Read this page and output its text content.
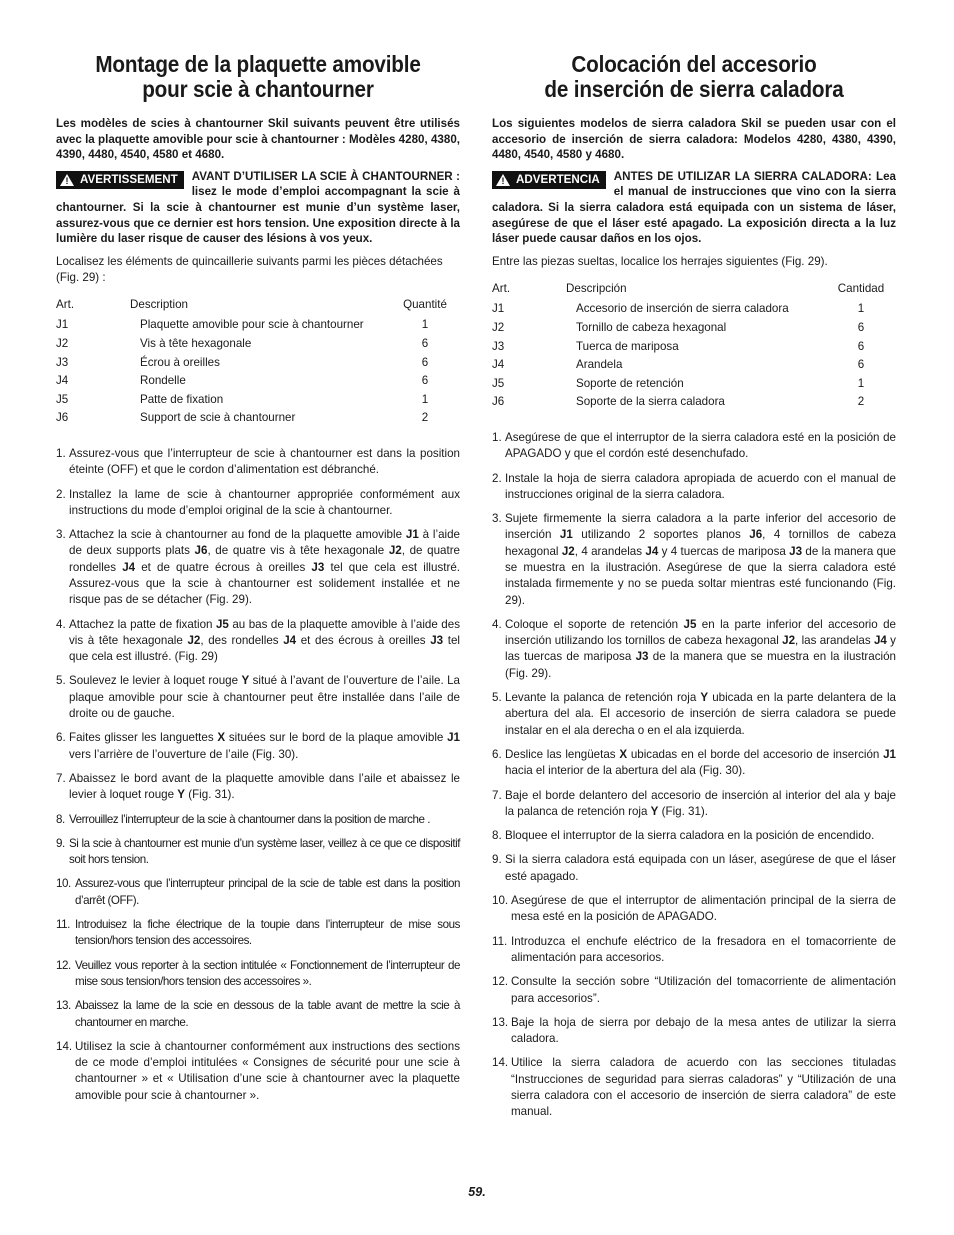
Montage de la plaquette amovible
pour scie à chantourner

Les modèles de scies à chantourner Skil suivants peuvent être utilisés avec la plaquette amovible pour scie à chantourner : Modèles 4280, 4380, 4390, 4480, 4540, 4580 et 4680.

! AVERTISSEMENT AVANT D’UTILISER LA SCIE À CHANTOURNER : lisez le mode d’emploi accompagnant la scie à chantourner. Si la scie à chantourner est munie d’un système laser, assurez-vous que ce dernier est hors tension. Une exposition directe à la lumière du laser risque de causer des lésions à vos yeux.

Localisez les éléments de quincaillerie suivants parmi les pièces détachées (Fig. 29) :

Art.	Description	Quantité
J1	Plaquette amovible pour scie à chantourner	1
J2	Vis à tête hexagonale	6
J3	Écrou à oreilles	6
J4	Rondelle	6
J5	Patte de fixation	1
J6	Support de scie à chantourner	2
1. Assurez-vous que l’interrupteur de scie à chantourner est dans la position éteinte (OFF) et que le cordon d’alimentation est débranché.
2. Installez la lame de scie à chantourner appropriée conformément aux instructions du mode d’emploi original de la scie à chantourner.
3. Attachez la scie à chantourner au fond de la plaquette amovible J1 à l’aide de deux supports plats J6, de quatre vis à tête hexagonale J2, de quatre rondelles J4 et de quatre écrous à oreilles J3 tel que cela est illustré. Assurez-vous que la scie à chantourner est solidement installée et ne risque pas de se détacher (Fig. 29).
4. Attachez la patte de fixation J5 au bas de la plaquette amovible à l’aide des vis à tête hexagonale J2, des rondelles J4 et des écrous à oreilles J3 tel que cela est illustré. (Fig. 29)
5. Soulevez le levier à loquet rouge Y situé à l’avant de l’ouverture de l’aile. La plaque amovible pour scie à chantourner peut être installée dans l’aile de droite ou de gauche.
6. Faites glisser les languettes X situées sur le bord de la plaque amovible J1 vers l’arrière de l’ouverture de l’aile (Fig. 30).
7. Abaissez le bord avant de la plaquette amovible dans l’aile et abaissez le levier à loquet rouge Y (Fig. 31).
8. Verrouillez l’interrupteur de la scie à chantourner dans la position de marche .
9. Si la scie à chantourner est munie d’un système laser, veillez à ce que ce dispositif soit hors tension.
10. Assurez-vous que l’interrupteur principal de la scie de table est dans la position d’arrêt (OFF).
11. Introduisez la fiche électrique de la toupie dans l’interrupteur de mise sous tension/hors tension des accessoires.
12. Veuillez vous reporter à la section intitulée « Fonctionnement de l’interrupteur de mise sous tension/hors tension des accessoires ».
13. Abaissez la lame de la scie en dessous de la table avant de mettre la scie à chantourner en marche.
14. Utilisez la scie à chantourner conformément aux instructions des sections de ce mode d’emploi intitulées « Consignes de sécurité pour une scie à chantourner » et « Utilisation d’une scie à chantourner avec la plaquette amovible pour scie à chantourner ».
Colocación del accesorio
de inserción de sierra caladora

Los siguientes modelos de sierra caladora Skil se pueden usar con el accesorio de inserción de sierra caladora: Modelos 4280, 4380, 4390, 4480, 4540, 4580 y 4680.

! ADVERTENCIA ANTES DE UTILIZAR LA SIERRA CALADORA: Lea el manual de instrucciones que vino con la sierra caladora. Si la sierra caladora está equipada con un sistema de láser, asegúrese de que el láser esté apagado. La exposición directa a la luz láser puede causar daños en los ojos.

Entre las piezas sueltas, localice los herrajes siguientes (Fig. 29).

Art.	Descripción	Cantidad
J1	Accesorio de inserción de sierra caladora	1
J2	Tornillo de cabeza hexagonal	6
J3	Tuerca de mariposa	6
J4	Arandela	6
J5	Soporte de retención	1
J6	Soporte de la sierra caladora	2
1. Asegúrese de que el interruptor de la sierra caladora esté en la posición de APAGADO y que el cordón esté desenchufado.
2. Instale la hoja de sierra caladora apropiada de acuerdo con el manual de instrucciones original de la sierra caladora.
3. Sujete firmemente la sierra caladora a la parte inferior del accesorio de inserción J1 utilizando 2 soportes planos J6, 4 tornillos de cabeza hexagonal J2, 4 arandelas J4 y 4 tuercas de mariposa J3 de la manera que se muestra en la ilustración. Asegúrese de que la sierra caladora esté instalada firmemente y no se pueda soltar mientras esté funcionando (Fig. 29).
4. Coloque el soporte de retención J5 en la parte inferior del accesorio de inserción utilizando los tornillos de cabeza hexagonal J2, las arandelas J4 y las tuercas de mariposa J3 de la manera que se muestra en la ilustración (Fig. 29).
5. Levante la palanca de retención roja Y ubicada en la parte delantera de la abertura del ala. El accesorio de inserción de sierra caladora se puede instalar en el ala derecha o en el ala izquierda.
6. Deslice las lengüetas X ubicadas en el borde del accesorio de inserción J1 hacia el interior de la abertura del ala (Fig. 30).
7. Baje el borde delantero del accesorio de inserción al interior del ala y baje la palanca de retención roja Y (Fig. 31).
8. Bloquee el interruptor de la sierra caladora en la posición de encendido.
9. Si la sierra caladora está equipada con un láser, asegúrese de que el láser esté apagado.
10. Asegúrese de que el interruptor de alimentación principal de la sierra de mesa esté en la posición de APAGADO.
11. Introduzca el enchufe eléctrico de la fresadora en el tomacorriente de alimentación para accesorios.
12. Consulte la sección sobre “Utilización del tomacorriente de alimentación para accesorios”.
13. Baje la hoja de sierra por debajo de la mesa antes de utilizar la sierra caladora.
14. Utilice la sierra caladora de acuerdo con las secciones tituladas “Instrucciones de seguridad para sierras caladoras” y “Utilización de una sierra caladora con el accesorio de inserción de sierra caladora” de este manual.
59.
